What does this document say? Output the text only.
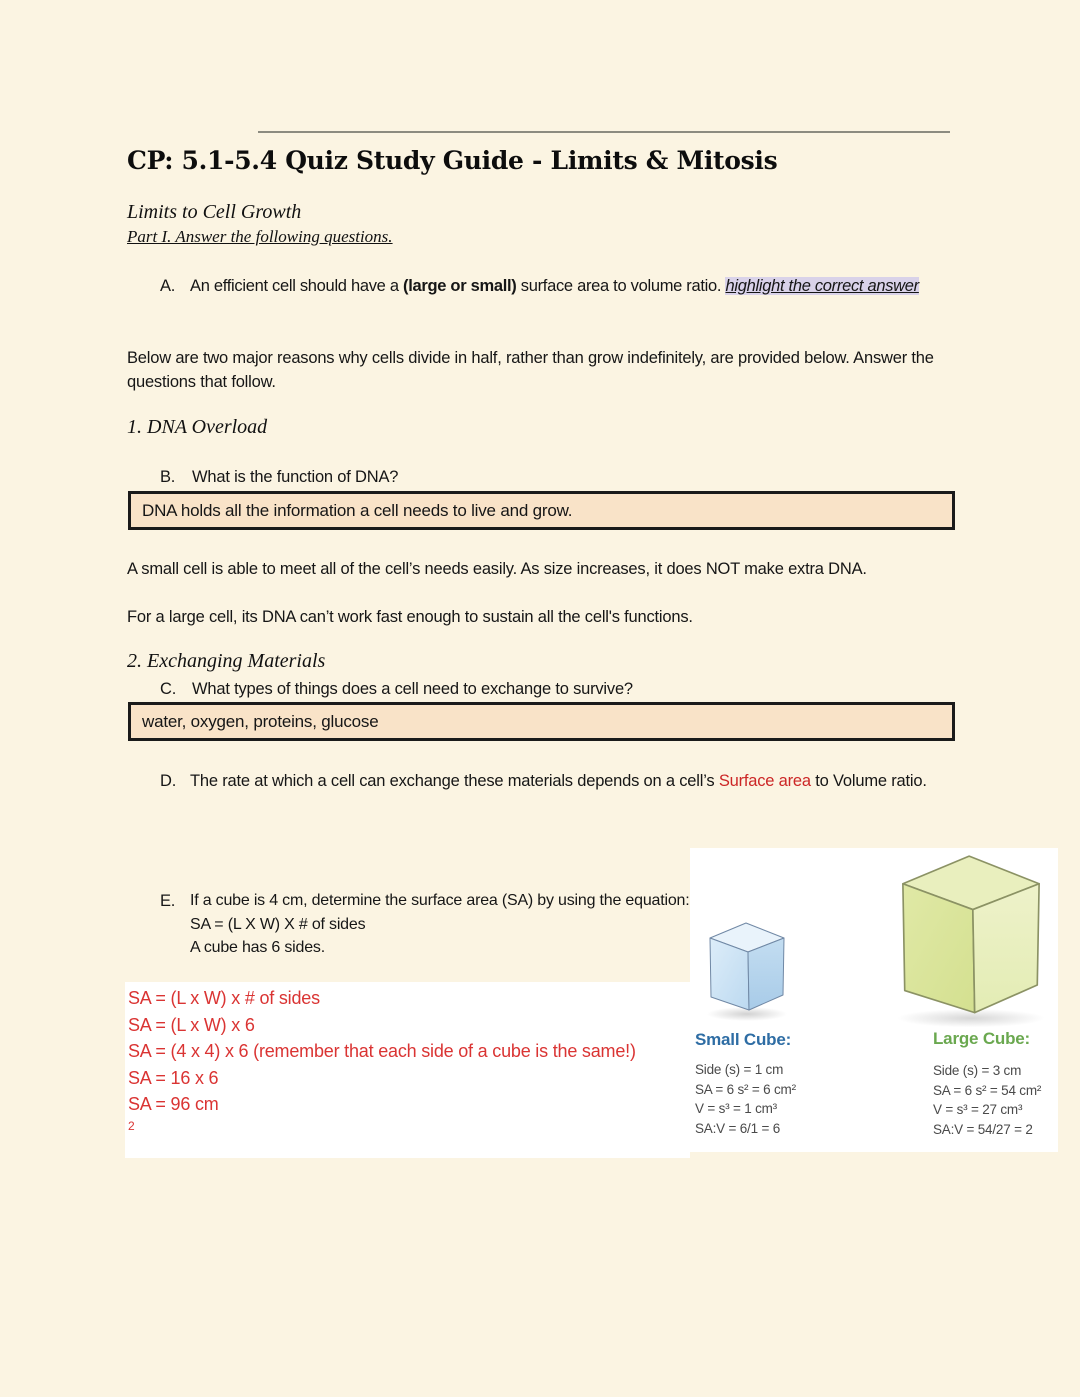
CP: 5.1-5.4 Quiz Study Guide - Limits & Mitosis
Limits to Cell Growth
Part I. Answer the following questions.
A. An efficient cell should have a (large or small) surface area to volume ratio. highlight the correct answer
Below are two major reasons why cells divide in half, rather than grow indefinitely, are provided below. Answer the questions that follow.
1. DNA Overload
B.	What is the function of DNA?
DNA holds all the information a cell needs to live and grow.
A small cell is able to meet all of the cell’s needs easily. As size increases, it does NOT make extra DNA.
For a large cell, its DNA can’t work fast enough to sustain all the cell's functions.
2. Exchanging Materials
C. What types of things does a cell need to exchange to survive?
water, oxygen, proteins, glucose
D. The rate at which a cell can exchange these materials depends on a cell’s Surface area to Volume ratio.
E. If a cube is 4 cm, determine the surface area (SA) by using the equation:
SA = (L X W) X # of sides
A cube has 6 sides.
SA = (L x W) x # of sides
SA = (L x W) x 6
SA = (4 x 4) x 6 (remember that each side of a cube is the same!)
SA = 16 x 6
SA = 96 cm
2
Small Cube:	Large Cube:
Side (s) = 1 cm
SA = 6 s² = 6 cm²
V = s³ = 1 cm³
SA:V = 6/1 = 6
Side (s) = 3 cm
SA = 6 s² = 54 cm²
V = s³ = 27 cm³
SA:V = 54/27 = 2
